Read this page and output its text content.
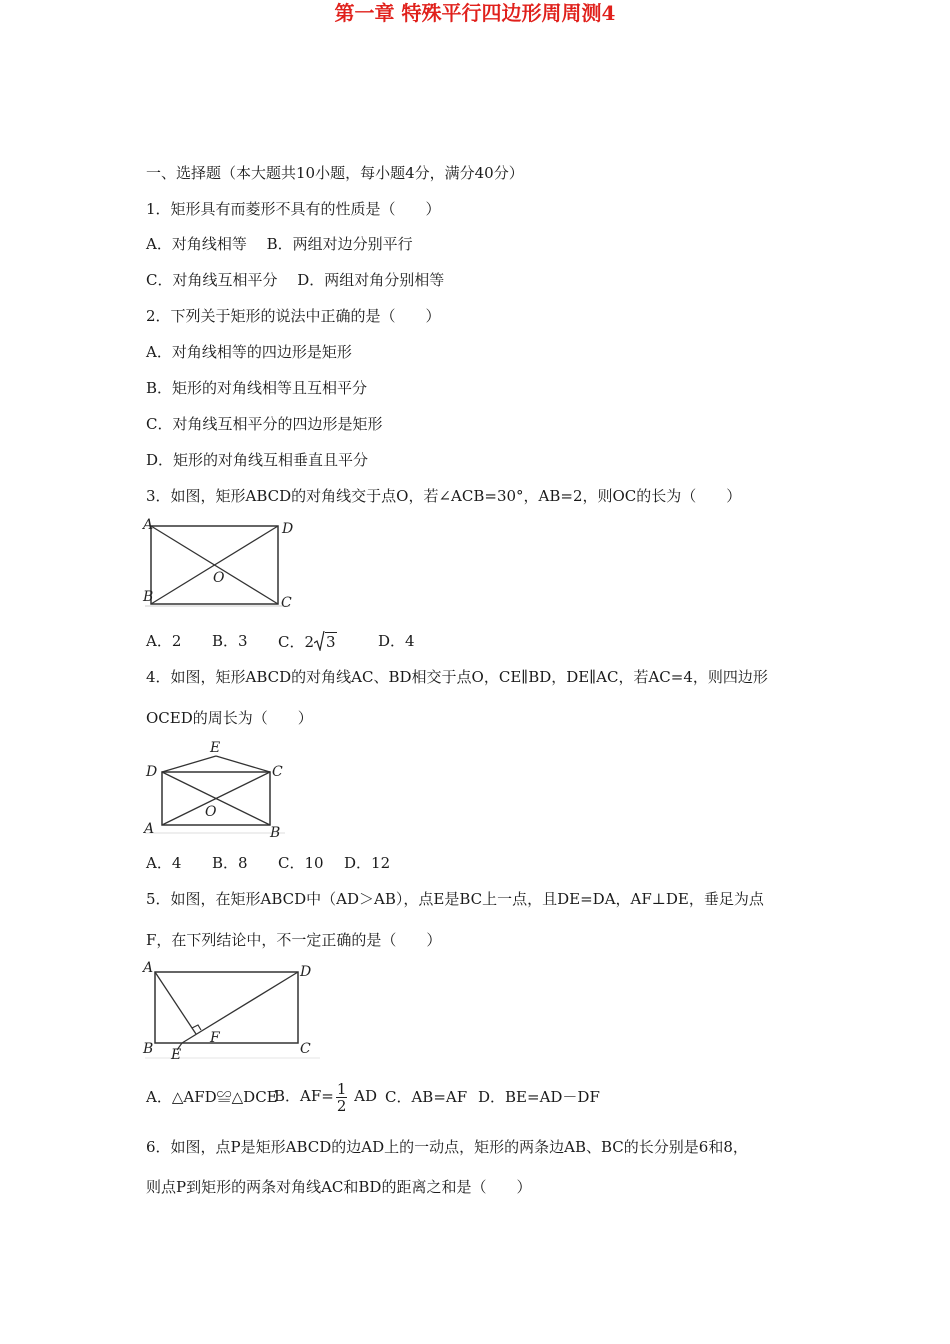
第一章 特殊平行四边形周周测4
一、选择题（本大题共10小题，每小题4分，满分40分）
1．矩形具有而菱形不具有的性质是（　　）
A．对角线相等　 B．两组对边分别平行
C．对角线互相平分　 D．两组对角分别相等
2．下列关于矩形的说法中正确的是（　　）
A．对角线相等的四边形是矩形
B．矩形的对角线相等且互相平分
C．对角线互相平分的四边形是矩形
D．矩形的对角线互相垂直且平分
3．如图，矩形ABCD的对角线交于点O，若∠ACB=30°，AB=2，则OC的长为（　　）
A	D
B	C
O
A．2 B．3 C．2 3	D．4
4．如图，矩形ABCD的对角线AC、BD相交于点O，CE∥BD，DE∥AC，若AC=4，则四边形
OCED的周长为（　　）
E
D	C
A	B
O
A．4 B．8 C．10 D．12
5．如图，在矩形ABCD中（AD＞AB），点E是BC上一点，且DE=DA，AF⊥DE，垂足为点
F，在下列结论中，不一定正确的是（　　）
A	D
B	C
E
F
A．△AFD≌△DCE
B．$AF= \frac{1}{2}$ AD C．AB=AF D．BE=AD－DF
6．如图，点P是矩形ABCD的边AD上的一动点，矩形的两条边AB、BC的长分别是6和8，
则点P到矩形的两条对角线AC和BD的距离之和是（　　）
